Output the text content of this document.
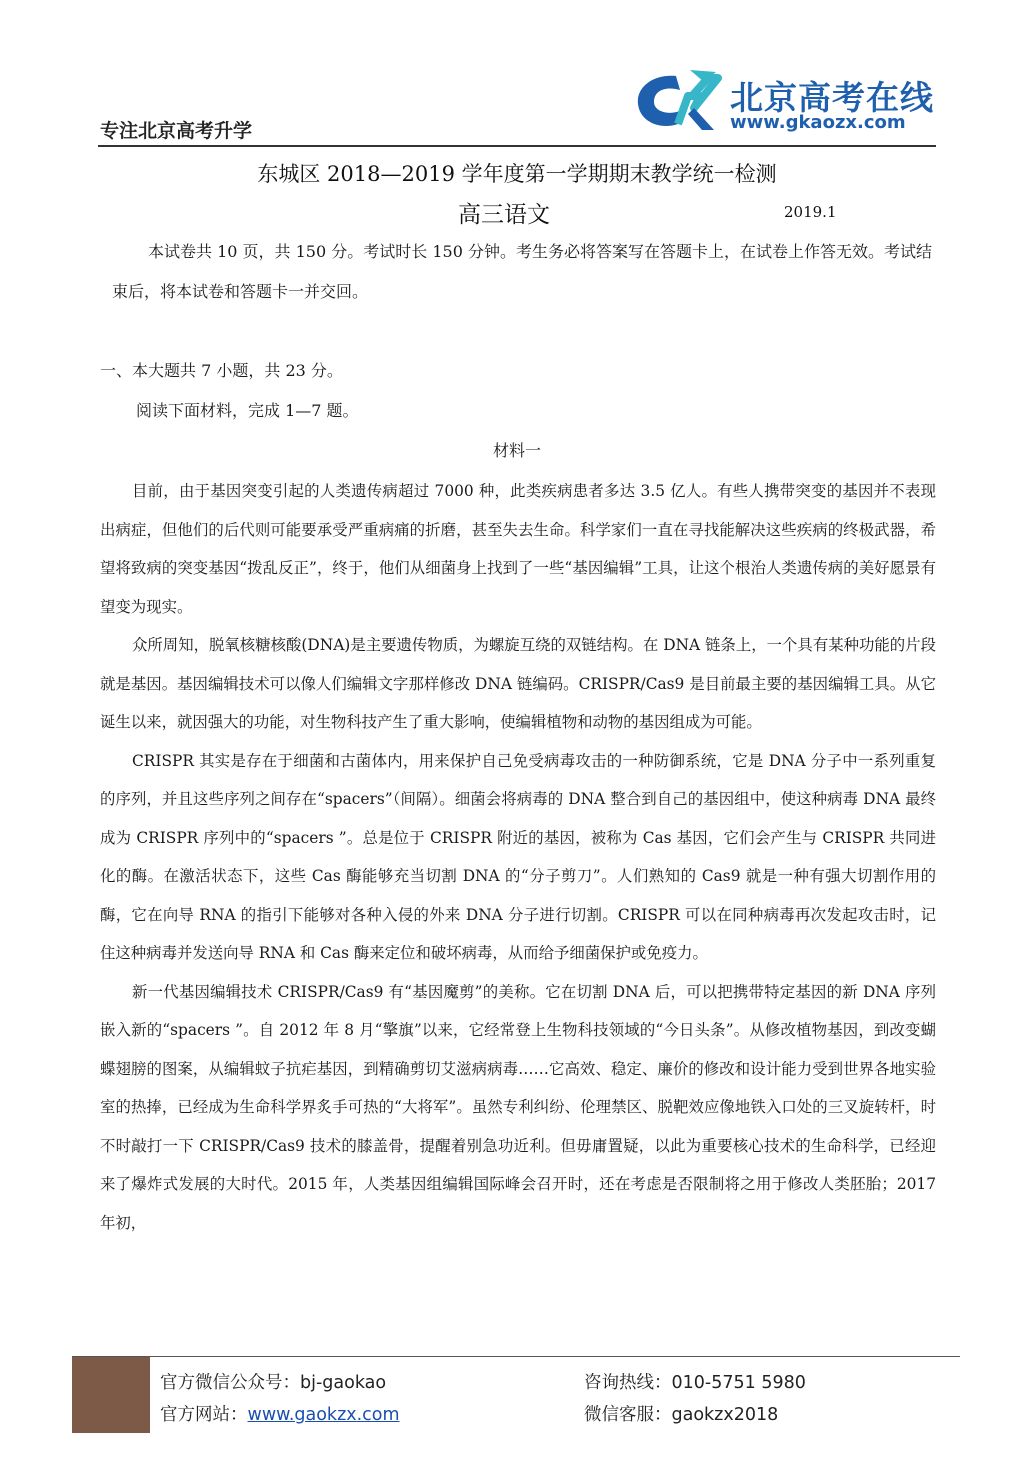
专注北京高考升学
北京高考在线
www.gkaozx.com
东城区 2018—2019 学年度第一学期期末教学统一检测
高三语文	2019.1
本试卷共 10 页，共 150 分。考试时长 150 分钟。考生务必将答案写在答题卡上，在试卷上作答无效。考试结束后，将本试卷和答题卡一并交回。
一、本大题共 7 小题，共 23 分。
阅读下面材料，完成 1—7 题。
材料一

目前，由于基因突变引起的人类遗传病超过 7000 种，此类疾病患者多达 3.5 亿人。有些人携带突变的基因并不表现出病症，但他们的后代则可能要承受严重病痛的折磨，甚至失去生命。科学家们一直在寻找能解决这些疾病的终极武器，希望将致病的突变基因“拨乱反正”，终于，他们从细菌身上找到了一些“基因编辑”工具，让这个根治人类遗传病的美好愿景有望变为现实。

众所周知，脱氧核糖核酸(DNA)是主要遗传物质，为螺旋互绕的双链结构。在 DNA 链条上，一个具有某种功能的片段就是基因。基因编辑技术可以像人们编辑文字那样修改 DNA 链编码。CRISPR/Cas9 是目前最主要的基因编辑工具。从它诞生以来，就因强大的功能，对生物科技产生了重大影响，使编辑植物和动物的基因组成为可能。

CRISPR 其实是存在于细菌和古菌体内，用来保护自己免受病毒攻击的一种防御系统，它是 DNA 分子中一系列重复的序列，并且这些序列之间存在“spacers”（间隔）。细菌会将病毒的 DNA 整合到自己的基因组中，使这种病毒 DNA 最终成为 CRISPR 序列中的“spacers ”。总是位于 CRISPR 附近的基因，被称为 Cas 基因，它们会产生与 CRISPR 共同进化的酶。在激活状态下，这些 Cas 酶能够充当切割 DNA 的“分子剪刀”。人们熟知的 Cas9 就是一种有强大切割作用的酶，它在向导 RNA 的指引下能够对各种入侵的外来 DNA 分子进行切割。CRISPR 可以在同种病毒再次发起攻击时，记住这种病毒并发送向导 RNA 和 Cas 酶来定位和破坏病毒，从而给予细菌保护或免疫力。

新一代基因编辑技术 CRISPR/Cas9 有“基因魔剪”的美称。它在切割 DNA 后，可以把携带特定基因的新 DNA 序列嵌入新的“spacers ”。自 2012 年 8 月“擎旗”以来，它经常登上生物科技领域的“今日头条”。从修改植物基因，到改变蝴蝶翅膀的图案，从编辑蚊子抗疟基因，到精确剪切艾滋病病毒……它高效、稳定、廉价的修改和设计能力受到世界各地实验室的热捧，已经成为生命科学界炙手可热的“大将军”。虽然专利纠纷、伦理禁区、脱靶效应像地铁入口处的三叉旋转杆，时不时敲打一下 CRISPR/Cas9 技术的膝盖骨，提醒着别急功近利。但毋庸置疑，以此为重要核心技术的生命科学，已经迎来了爆炸式发展的大时代。2015 年，人类基因组编辑国际峰会召开时，还在考虑是否限制将之用于修改人类胚胎；2017 年初，

官方微信公众号：bj-gaokao
官方网站：www.gaokzx.com
咨询热线：010-5751 5980
微信客服：gaokzx2018
